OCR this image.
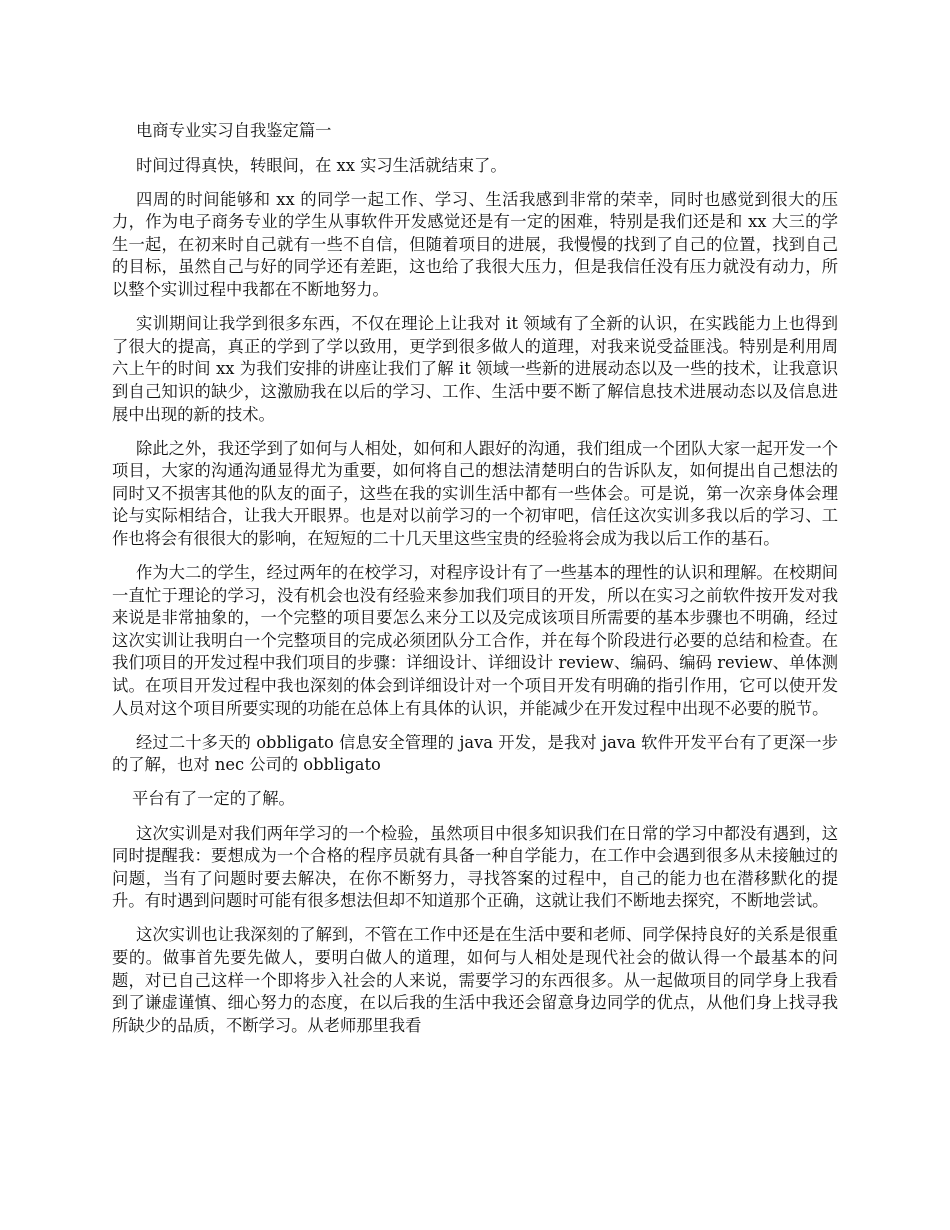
电商专业实习自我鉴定篇一

时间过得真快，转眼间，在 xx 实习生活就结束了。

四周的时间能够和 xx 的同学一起工作、学习、生活我感到非常的荣幸，同时也感觉到很大的压力，作为电子商务专业的学生从事软件开发感觉还是有一定的困难，特别是我们还是和 xx 大三的学生一起，在初来时自己就有一些不自信，但随着项目的进展，我慢慢的找到了自己的位置，找到自己的目标，虽然自己与好的同学还有差距，这也给了我很大压力，但是我信任没有压力就没有动力，所以整个实训过程中我都在不断地努力。

实训期间让我学到很多东西，不仅在理论上让我对 it 领域有了全新的认识，在实践能力上也得到了很大的提高，真正的学到了学以致用，更学到很多做人的道理，对我来说受益匪浅。特别是利用周六上午的时间 xx 为我们安排的讲座让我们了解 it 领域一些新的进展动态以及一些的技术，让我意识到自己知识的缺少，这激励我在以后的学习、工作、生活中要不断了解信息技术进展动态以及信息进展中出现的新的技术。

除此之外，我还学到了如何与人相处，如何和人跟好的沟通，我们组成一个团队大家一起开发一个项目，大家的沟通沟通显得尤为重要，如何将自己的想法清楚明白的告诉队友，如何提出自己想法的同时又不损害其他的队友的面子，这些在我的实训生活中都有一些体会。可是说，第一次亲身体会理论与实际相结合，让我大开眼界。也是对以前学习的一个初审吧，信任这次实训多我以后的学习、工作也将会有很很大的影响，在短短的二十几天里这些宝贵的经验将会成为我以后工作的基石。

作为大二的学生，经过两年的在校学习，对程序设计有了一些基本的理性的认识和理解。在校期间一直忙于理论的学习，没有机会也没有经验来参加我们项目的开发，所以在实习之前软件按开发对我来说是非常抽象的，一个完整的项目要怎么来分工以及完成该项目所需要的基本步骤也不明确，经过这次实训让我明白一个完整项目的完成必须团队分工合作，并在每个阶段进行必要的总结和检查。在我们项目的开发过程中我们项目的步骤：详细设计、详细设计 review、编码、编码 review、单体测试。在项目开发过程中我也深刻的体会到详细设计对一个项目开发有明确的指引作用，它可以使开发人员对这个项目所要实现的功能在总体上有具体的认识，并能减少在开发过程中出现不必要的脱节。

经过二十多天的 obbligato 信息安全管理的 java 开发，是我对 java 软件开发平台有了更深一步的了解，也对 nec 公司的 obbligato

平台有了一定的了解。

这次实训是对我们两年学习的一个检验，虽然项目中很多知识我们在日常的学习中都没有遇到，这同时提醒我：要想成为一个合格的程序员就有具备一种自学能力，在工作中会遇到很多从未接触过的问题，当有了问题时要去解决，在你不断努力，寻找答案的过程中，自己的能力也在潜移默化的提升。有时遇到问题时可能有很多想法但却不知道那个正确，这就让我们不断地去探究，不断地尝试。

这次实训也让我深刻的了解到，不管在工作中还是在生活中要和老师、同学保持良好的关系是很重要的。做事首先要先做人，要明白做人的道理，如何与人相处是现代社会的做认得一个最基本的问题，对已自己这样一个即将步入社会的人来说，需要学习的东西很多。从一起做项目的同学身上我看到了谦虚谨慎、细心努力的态度，在以后我的生活中我还会留意身边同学的优点，从他们身上找寻我所缺少的品质，不断学习。从老师那里我看
